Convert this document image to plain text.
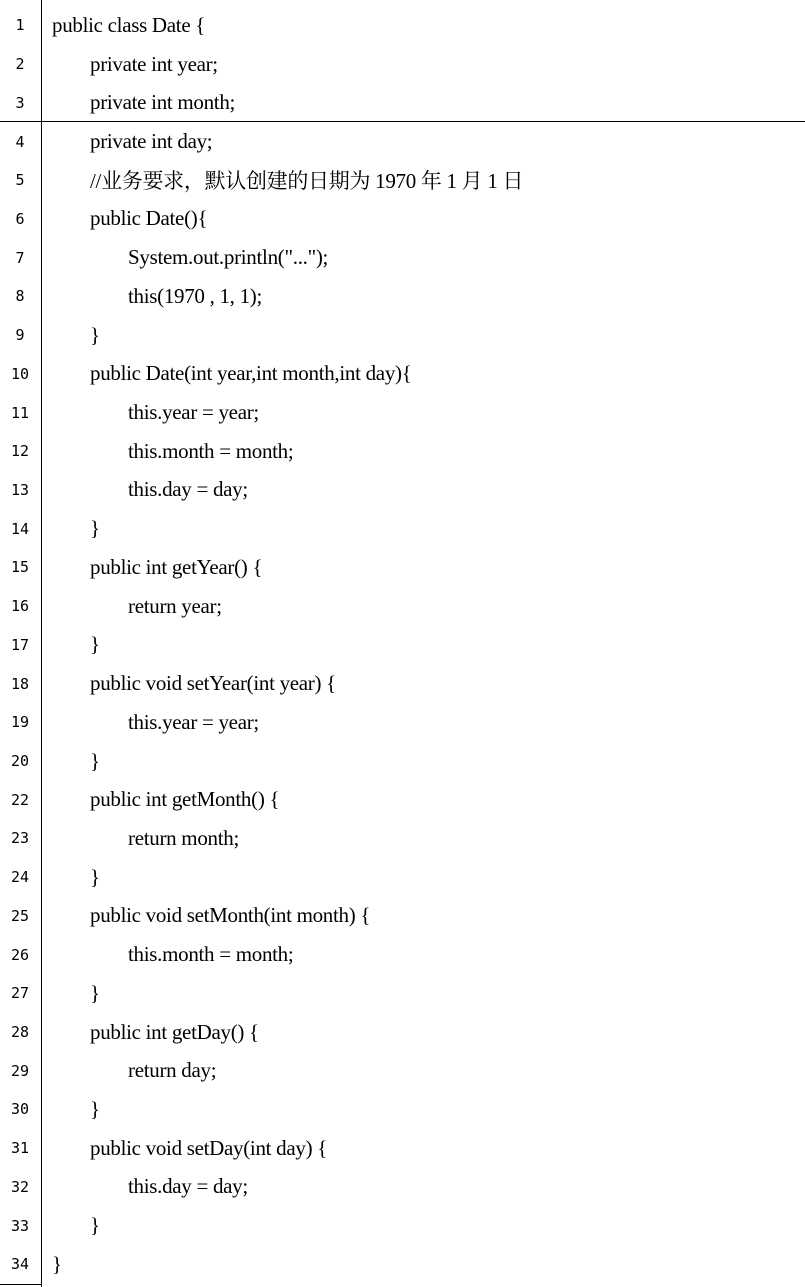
1	public class Date {
2	private int year;
3	private int month;
4	private int day;
5	//业务要求，默认创建的日期为 1970 年 1 月 1 日
6	public Date(){
7	System.out.println("...");
8	this(1970 , 1, 1);
9	}
10	public Date(int year,int month,int day){
11	this.year = year;
12	this.month = month;
13	this.day = day;
14	}
15	public int getYear() {
16	return year;
17	}
18	public void setYear(int year) {
19	this.year = year;
20	}
22	public int getMonth() {
23	return month;
24	}
25	public void setMonth(int month) {
26	this.month = month;
27	}
28	public int getDay() {
29	return day;
30	}
31	public void setDay(int day) {
32	this.day = day;
33	}
34	}
